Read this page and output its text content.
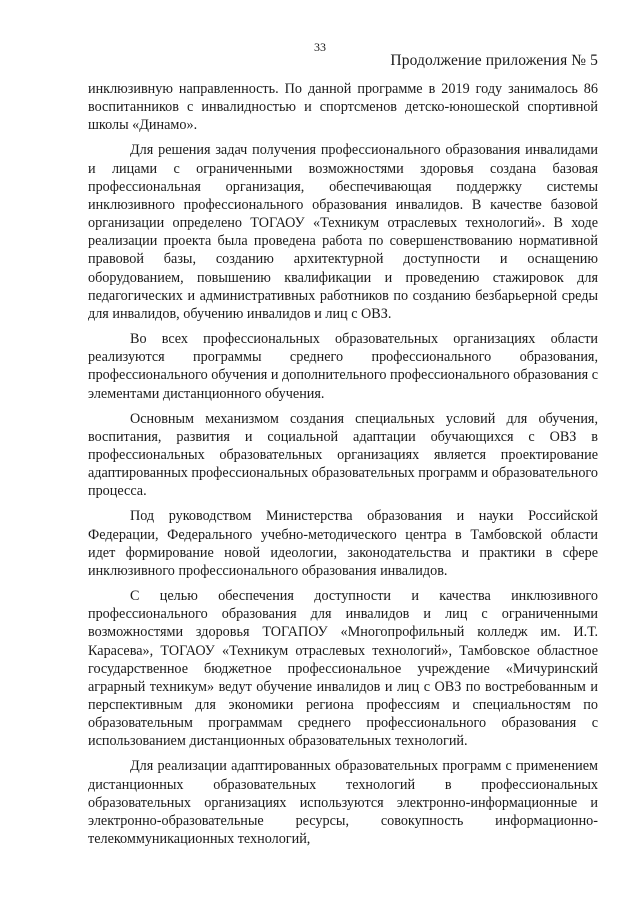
33
Продолжение приложения № 5

инклюзивную направленность. По данной программе в 2019 году занималось 86 воспитанников с инвалидностью и спортсменов детско-юношеской спортивной школы «Динамо».

Для решения задач получения профессионального образования инвалидами и лицами с ограниченными возможностями здоровья создана базовая профессиональная организация, обеспечивающая поддержку системы инклюзивного профессионального образования инвалидов. В качестве базовой организации определено ТОГАОУ «Техникум отраслевых технологий». В ходе реализации проекта была проведена работа по совершенствованию нормативной правовой базы, созданию архитектурной доступности и оснащению оборудованием, повышению квалификации и проведению стажировок для педагогических и административных работников по созданию безбарьерной среды для инвалидов, обучению инвалидов и лиц с ОВЗ.

Во всех профессиональных образовательных организациях области реализуются программы среднего профессионального образования, профессионального обучения и дополнительного профессионального образования с элементами дистанционного обучения.

Основным механизмом создания специальных условий для обучения, воспитания, развития и социальной адаптации обучающихся с ОВЗ в профессиональных образовательных организациях является проектирование адаптированных профессиональных образовательных программ и образовательного процесса.

Под руководством Министерства образования и науки Российской Федерации, Федерального учебно-методического центра в Тамбовской области идет формирование новой идеологии, законодательства и практики в сфере инклюзивного профессионального образования инвалидов.

С целью обеспечения доступности и качества инклюзивного профессионального образования для инвалидов и лиц с ограниченными возможностями здоровья ТОГАПОУ «Многопрофильный колледж им. И.Т. Карасева», ТОГАОУ «Техникум отраслевых технологий», Тамбовское областное государственное бюджетное профессиональное учреждение «Мичуринский аграрный техникум» ведут обучение инвалидов и лиц с ОВЗ по востребованным и перспективным для экономики региона профессиям и специальностям по образовательным программам среднего профессионального образования с использованием дистанционных образовательных технологий.

Для реализации адаптированных образовательных программ с применением дистанционных образовательных технологий в профессиональных образовательных организациях используются электронно-информационные и электронно-образовательные ресурсы, совокупность информационно-телекоммуникационных технологий,
